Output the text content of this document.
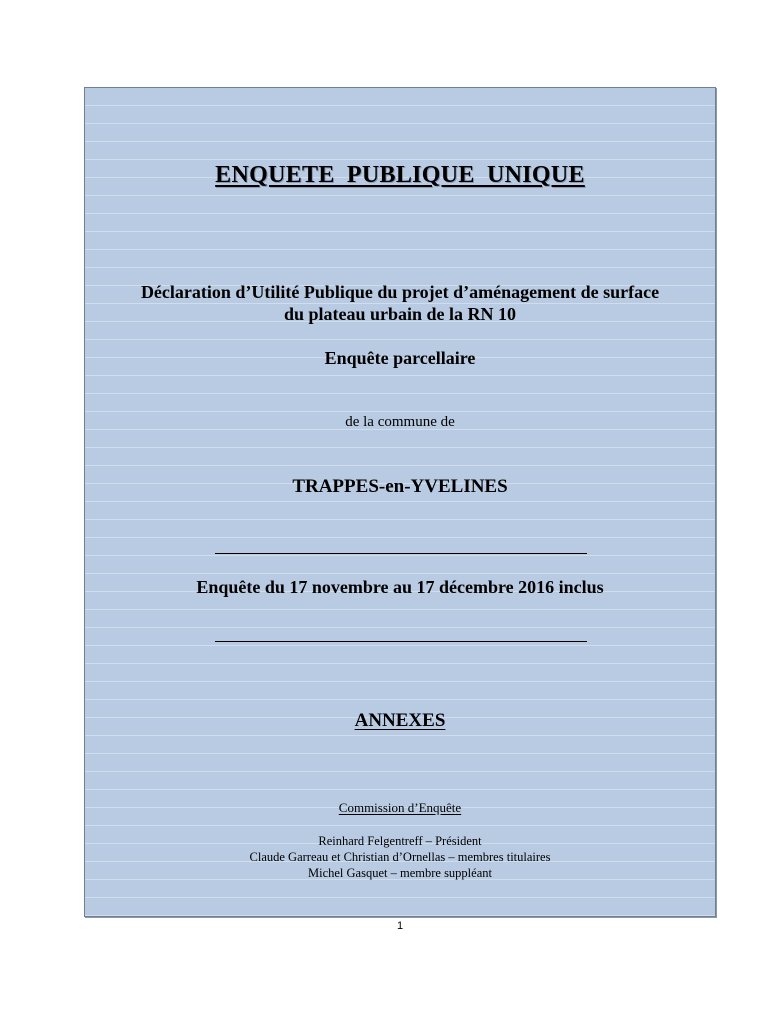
ENQUETE PUBLIQUE UNIQUE
Déclaration d’Utilité Publique du projet d’aménagement de surface
du plateau urbain de la RN 10
Enquête parcellaire
de la commune de
TRAPPES-en-YVELINES
Enquête du 17 novembre au 17 décembre 2016 inclus
ANNEXES
Commission d’Enquête
Reinhard Felgentreff – Président
Claude Garreau et Christian d’Ornellas – membres titulaires
Michel Gasquet – membre suppléant
1
